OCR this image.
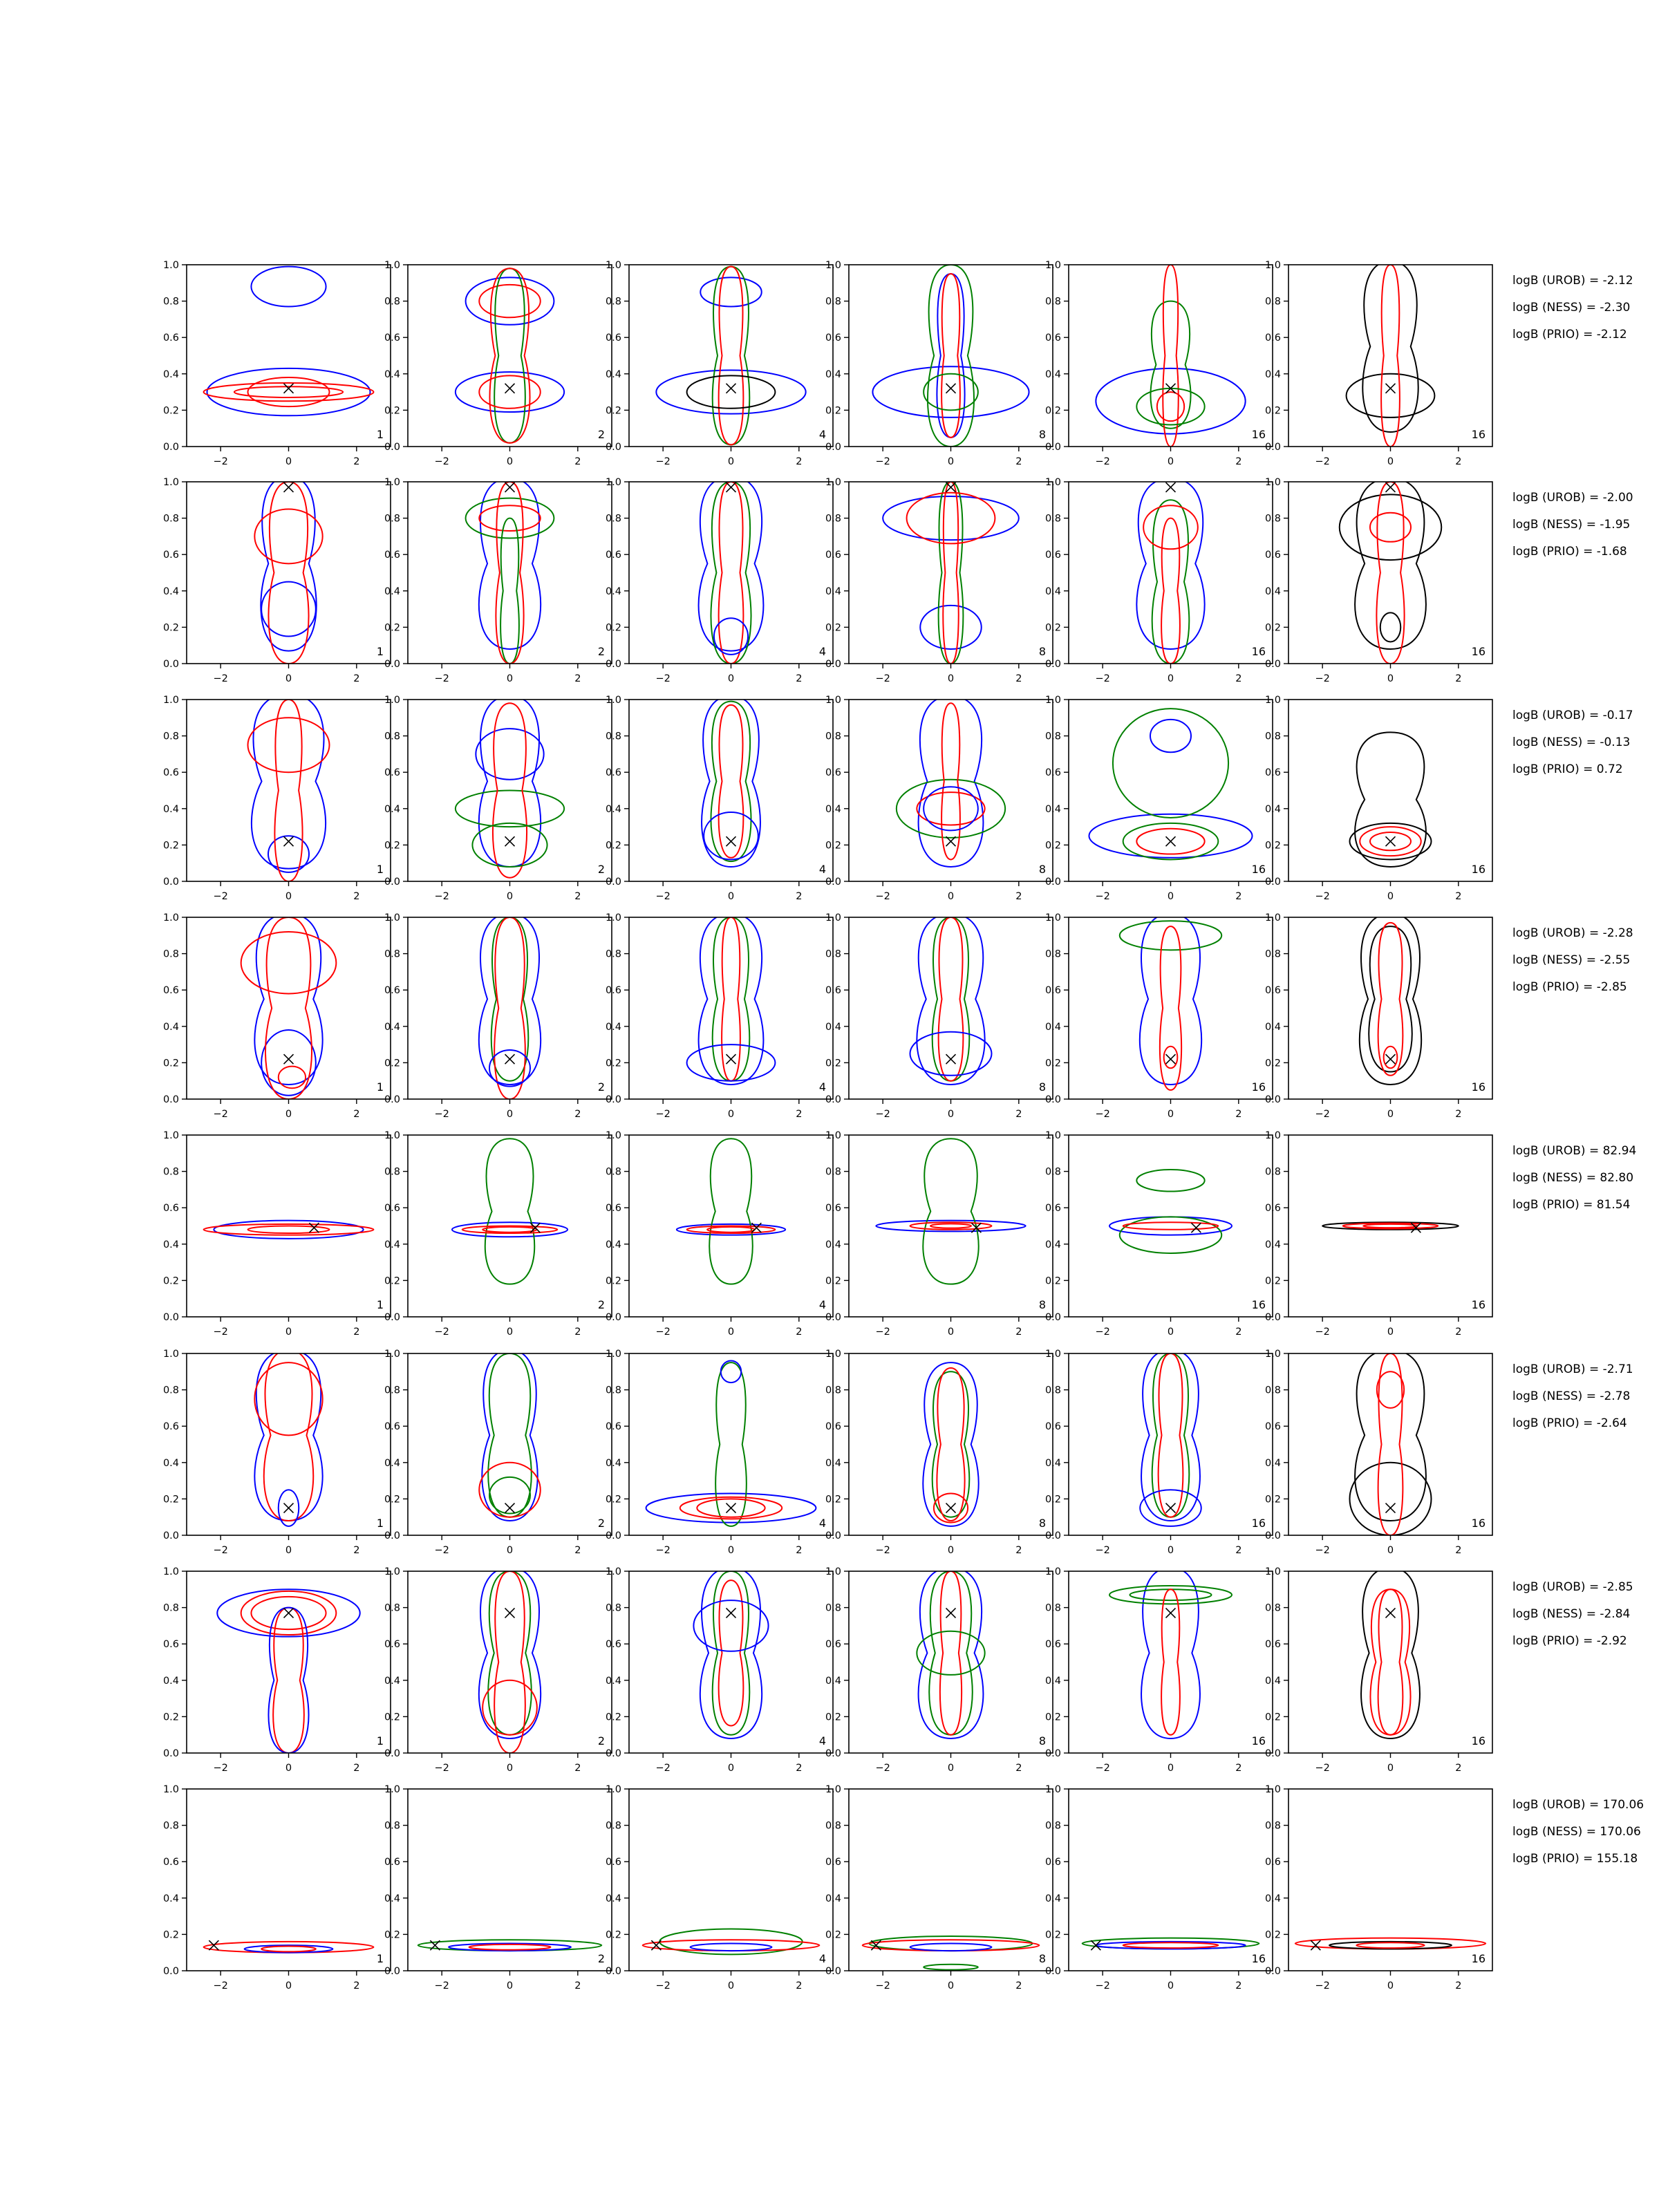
−2	0	2
0.0
0.2
0.4
0.6
0.8
1.0
1
−2	0	2
0.0
0.2
0.4
0.6
0.8
1.0
2
−2	0	2
0.0
0.2
0.4
0.6
0.8
1.0
4
−2	0	2
0.0
0.2
0.4
0.6
0.8
1.0
8
−2	0	2
0.0
0.2
0.4
0.6
0.8
1.0
16
−2	0	2
0.0
0.2
0.4
0.6
0.8
1.0
16
logB (UROB) = -2.12
logB (NESS) = -2.30
logB (PRIO) = -2.12
−2	0	2
0.0
0.2
0.4
0.6
0.8
1.0
1
−2	0	2
0.0
0.2
0.4
0.6
0.8
1.0
2
−2	0	2
0.0
0.2
0.4
0.6
0.8
1.0
4
−2	0	2
0.0
0.2
0.4
0.6
0.8
1.0
8
−2	0	2
0.0
0.2
0.4
0.6
0.8
1.0
16
−2	0	2
0.0
0.2
0.4
0.6
0.8
1.0
16
logB (UROB) = -2.00
logB (NESS) = -1.95
logB (PRIO) = -1.68
−2	0	2
0.0
0.2
0.4
0.6
0.8
1.0
1
−2	0	2
0.0
0.2
0.4
0.6
0.8
1.0
2
−2	0	2
0.0
0.2
0.4
0.6
0.8
1.0
4
−2	0	2
0.0
0.2
0.4
0.6
0.8
1.0
8
−2	0	2
0.0
0.2
0.4
0.6
0.8
1.0
16
−2	0	2
0.0
0.2
0.4
0.6
0.8
1.0
16
logB (UROB) = -0.17
logB (NESS) = -0.13
logB (PRIO) = 0.72
−2	0	2
0.0
0.2
0.4
0.6
0.8
1.0
1
−2	0	2
0.0
0.2
0.4
0.6
0.8
1.0
2
−2	0	2
0.0
0.2
0.4
0.6
0.8
1.0
4
−2	0	2
0.0
0.2
0.4
0.6
0.8
1.0
8
−2	0	2
0.0
0.2
0.4
0.6
0.8
1.0
16
−2	0	2
0.0
0.2
0.4
0.6
0.8
1.0
16
logB (UROB) = -2.28
logB (NESS) = -2.55
logB (PRIO) = -2.85
−2	0	2
0.0
0.2
0.4
0.6
0.8
1.0
1
−2	0	2
0.0
0.2
0.4
0.6
0.8
1.0
2
−2	0	2
0.0
0.2
0.4
0.6
0.8
1.0
4
−2	0	2
0.0
0.2
0.4
0.6
0.8
1.0
8
−2	0	2
0.0
0.2
0.4
0.6
0.8
1.0
16
−2	0	2
0.0
0.2
0.4
0.6
0.8
1.0
16
logB (UROB) = 82.94
logB (NESS) = 82.80
logB (PRIO) = 81.54
−2	0	2
0.0
0.2
0.4
0.6
0.8
1.0
1
−2	0	2
0.0
0.2
0.4
0.6
0.8
1.0
2
−2	0	2
0.0
0.2
0.4
0.6
0.8
1.0
4
−2	0	2
0.0
0.2
0.4
0.6
0.8
1.0
8
−2	0	2
0.0
0.2
0.4
0.6
0.8
1.0
16
−2	0	2
0.0
0.2
0.4
0.6
0.8
1.0
16
logB (UROB) = -2.71
logB (NESS) = -2.78
logB (PRIO) = -2.64
−2	0	2
0.0
0.2
0.4
0.6
0.8
1.0
1
−2	0	2
0.0
0.2
0.4
0.6
0.8
1.0
2
−2	0	2
0.0
0.2
0.4
0.6
0.8
1.0
4
−2	0	2
0.0
0.2
0.4
0.6
0.8
1.0
8
−2	0	2
0.0
0.2
0.4
0.6
0.8
1.0
16
−2	0	2
0.0
0.2
0.4
0.6
0.8
1.0
16
logB (UROB) = -2.85
logB (NESS) = -2.84
logB (PRIO) = -2.92
−2	0	2
0.0
0.2
0.4
0.6
0.8
1.0
1
−2	0	2
0.0
0.2
0.4
0.6
0.8
1.0
2
−2	0	2
0.0
0.2
0.4
0.6
0.8
1.0
4
−2	0	2
0.0
0.2
0.4
0.6
0.8
1.0
8
−2	0	2
0.0
0.2
0.4
0.6
0.8
1.0
16
−2	0	2
0.0
0.2
0.4
0.6
0.8
1.0
16
logB (UROB) = 170.06
logB (NESS) = 170.06
logB (PRIO) = 155.18
